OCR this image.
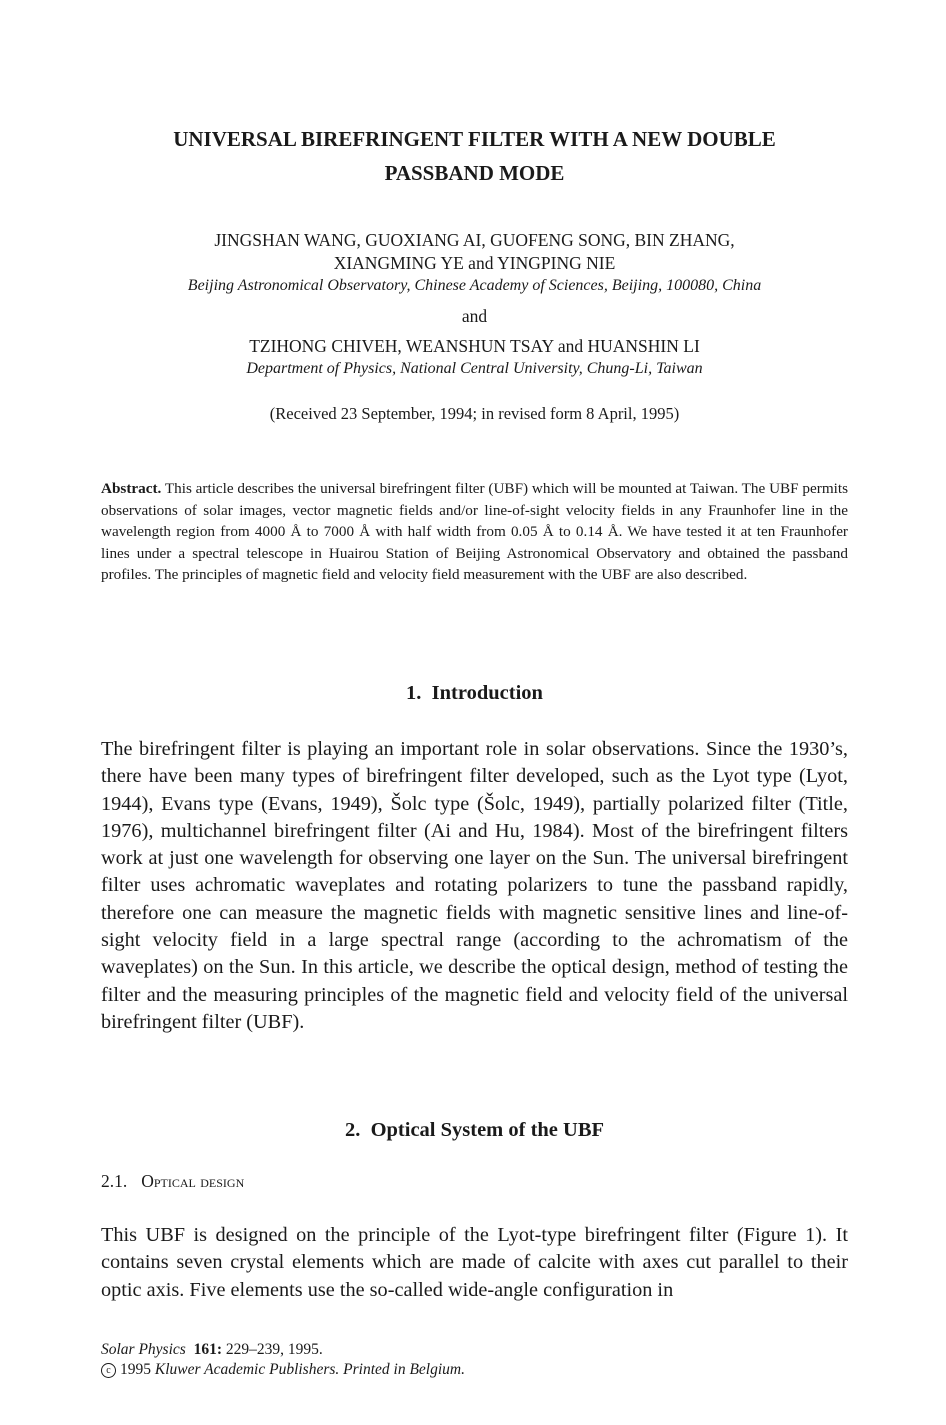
UNIVERSAL BIREFRINGENT FILTER WITH A NEW DOUBLE
PASSBAND MODE
JINGSHAN WANG, GUOXIANG AI, GUOFENG SONG, BIN ZHANG,
XIANGMING YE and YINGPING NIE
Beijing Astronomical Observatory, Chinese Academy of Sciences, Beijing, 100080, China
and
TZIHONG CHIVEH, WEANSHUN TSAY and HUANSHIN LI
Department of Physics, National Central University, Chung-Li, Taiwan
(Received 23 September, 1994; in revised form 8 April, 1995)
Abstract. This article describes the universal birefringent filter (UBF) which will be mounted at Taiwan. The UBF permits observations of solar images, vector magnetic fields and/or line-of-sight velocity fields in any Fraunhofer line in the wavelength region from 4000 Å to 7000 Å with half width from 0.05 Å to 0.14 Å. We have tested it at ten Fraunhofer lines under a spectral telescope in Huairou Station of Beijing Astronomical Observatory and obtained the passband profiles. The principles of magnetic field and velocity field measurement with the UBF are also described.
1. Introduction
The birefringent filter is playing an important role in solar observations. Since the 1930’s, there have been many types of birefringent filter developed, such as the Lyot type (Lyot, 1944), Evans type (Evans, 1949), Šolc type (Šolc, 1949), partially polarized filter (Title, 1976), multichannel birefringent filter (Ai and Hu, 1984). Most of the birefringent filters work at just one wavelength for observing one layer on the Sun. The universal birefringent filter uses achromatic waveplates and rotating polarizers to tune the passband rapidly, therefore one can measure the magnetic fields with magnetic sensitive lines and line-of-sight velocity field in a large spectral range (according to the achromatism of the waveplates) on the Sun. In this article, we describe the optical design, method of testing the filter and the measuring principles of the magnetic field and velocity field of the universal birefringent filter (UBF).
2. Optical System of the UBF
2.1. Optical design
This UBF is designed on the principle of the Lyot-type birefringent filter (Figure 1). It contains seven crystal elements which are made of calcite with axes cut parallel to their optic axis. Five elements use the so-called wide-angle configuration in
Solar Physics 161: 229–239, 1995.
c 1995 Kluwer Academic Publishers. Printed in Belgium.
